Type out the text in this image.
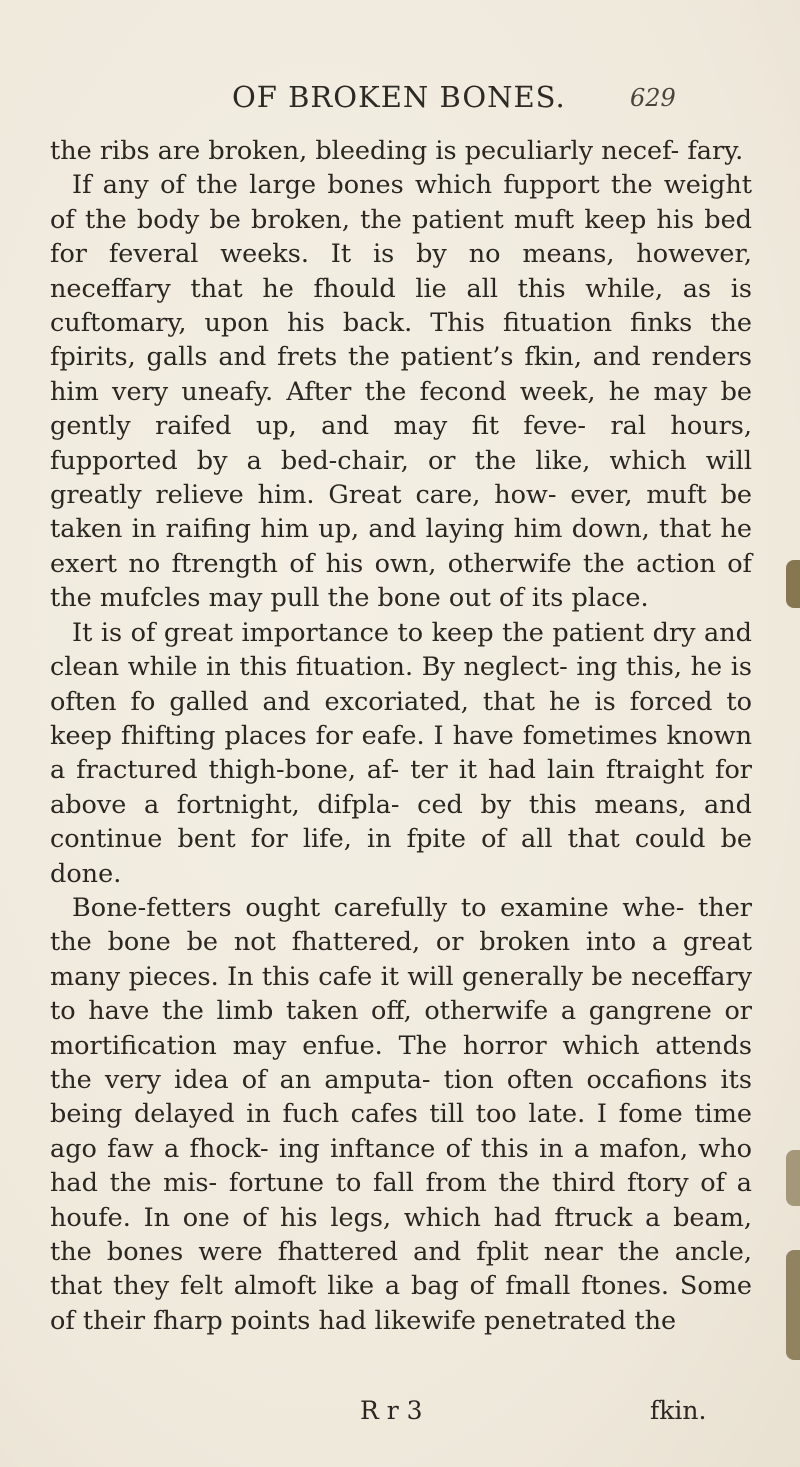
OF BROKEN BONES.	629

the ribs are broken, bleeding is peculiarly necef- fary.

If any of the large bones which fupport the weight of the body be broken, the patient muft keep his bed for feveral weeks. It is by no means, however, neceffary that he fhould lie all this while, as is cuftomary, upon his back. This fituation finks the fpirits, galls and frets the patient’s fkin, and renders him very uneafy. After the fecond week, he may be gently raifed up, and may fit feve- ral hours, fupported by a bed-chair, or the like, which will greatly relieve him. Great care, how- ever, muft be taken in raifing him up, and laying him down, that he exert no ftrength of his own, otherwife the action of the mufcles may pull the bone out of its place.

It is of great importance to keep the patient dry and clean while in this fituation. By neglect- ing this, he is often fo galled and excoriated, that he is forced to keep fhifting places for eafe. I have fometimes known a fractured thigh-bone, af- ter it had lain ftraight for above a fortnight, difpla- ced by this means, and continue bent for life, in fpite of all that could be done.

Bone-fetters ought carefully to examine whe- ther the bone be not fhattered, or broken into a great many pieces. In this cafe it will generally be neceffary to have the limb taken off, otherwife a gangrene or mortification may enfue. The horror which attends the very idea of an amputa- tion often occafions its being delayed in fuch cafes till too late. I fome time ago faw a fhock- ing inftance of this in a mafon, who had the mis- fortune to fall from the third ftory of a houfe. In one of his legs, which had ftruck a beam, the bones were fhattered and fplit near the ancle, that they felt almoft like a bag of fmall ftones. Some of their fharp points had likewife penetrated the

R r 3	fkin.
